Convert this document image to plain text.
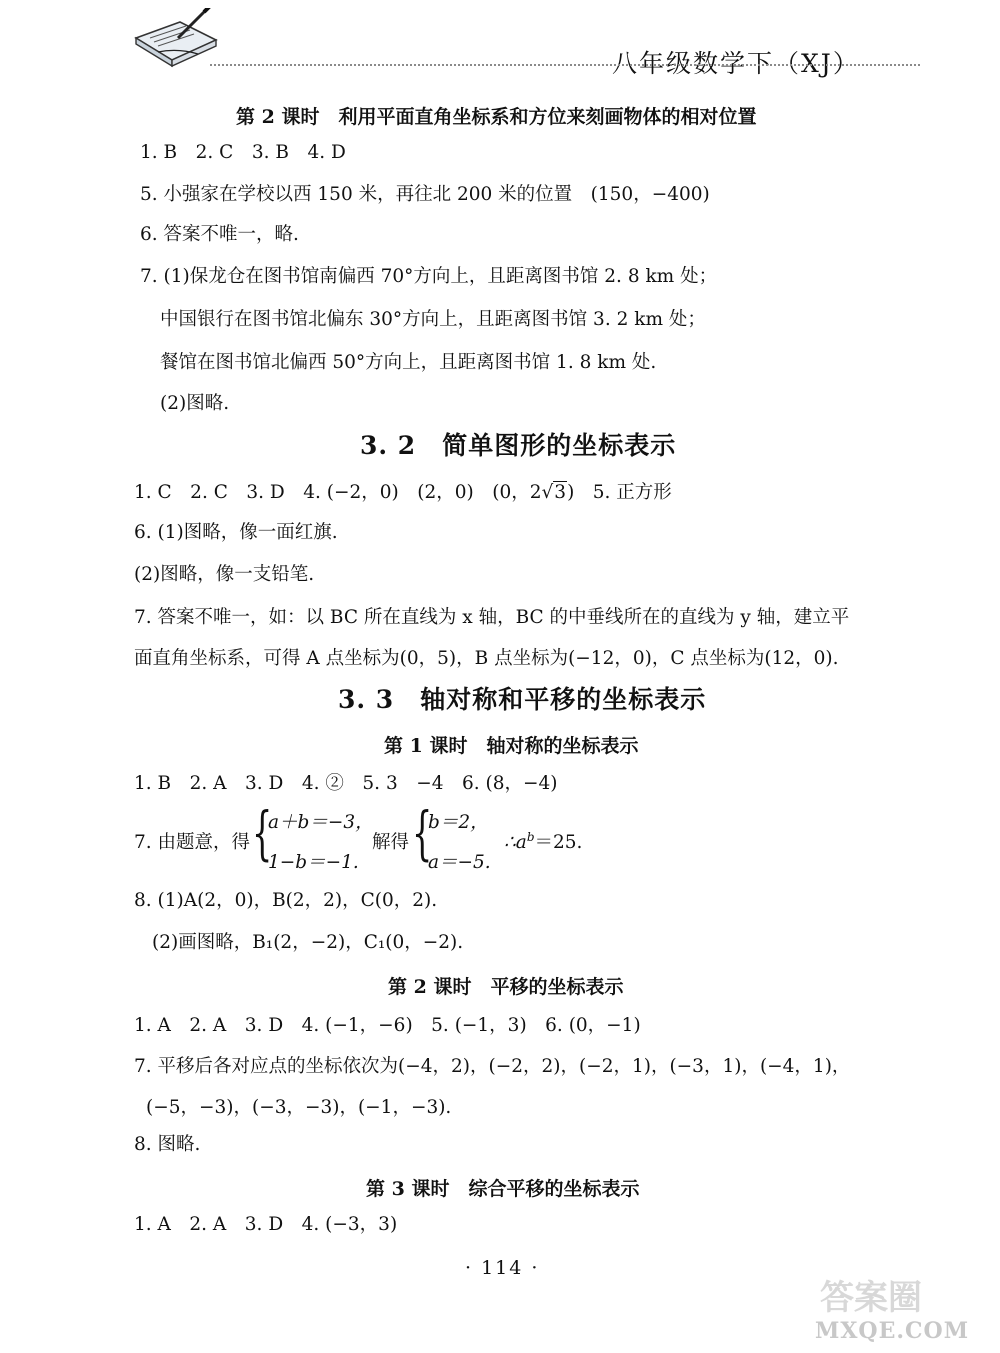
八年级数学下（XJ）
第 2 课时　利用平面直角坐标系和方位来刻画物体的相对位置
1. B　2. C　3. B　4. D
5. 小强家在学校以西 150 米，再往北 200 米的位置　(150，−400)
6. 答案不唯一，略.
7. (1)保龙仓在图书馆南偏西 70°方向上，且距离图书馆 2. 8 km 处；
中国银行在图书馆北偏东 30°方向上，且距离图书馆 3. 2 km 处；
餐馆在图书馆北偏西 50°方向上，且距离图书馆 1. 8 km 处.
(2)图略.
3. 2　简单图形的坐标表示
1. C　2. C　3. D　4. (−2，0)　(2，0)　(0，2√3)　5. 正方形
6. (1)图略，像一面红旗.
(2)图略，像一支铅笔.
7. 答案不唯一，如：以 BC 所在直线为 x 轴，BC 的中垂线所在的直线为 y 轴，建立平
面直角坐标系，可得 A 点坐标为(0，5)，B 点坐标为(−12，0)，C 点坐标为(12，0).
3. 3　轴对称和平移的坐标表示
第 1 课时　轴对称的坐标表示
1. B　2. A　3. D　4. ②　5. 3　−4　6. (8，−4)
7. 由题意，得 {
a＋b＝−3，
1−b＝−1.
解得 {
b＝2，
a＝−5.
$\therefore a^b=25$.
8. (1)A(2，0)，B(2，2)，C(0，2).
(2)画图略，B₁(2，−2)，C₁(0，−2).
第 2 课时　平移的坐标表示
1. A　2. A　3. D　4. (−1，−6)　5. (−1，3)　6. (0，−1)
7. 平移后各对应点的坐标依次为(−4，2)，(−2，2)，(−2，1)，(−3，1)，(−4，1)，
(−5，−3)，(−3，−3)，(−1，−3).
8. 图略.
第 3 课时　综合平移的坐标表示
1. A　2. A　3. D　4. (−3，3)
· 114 ·
答案圈
MXQE.COM
